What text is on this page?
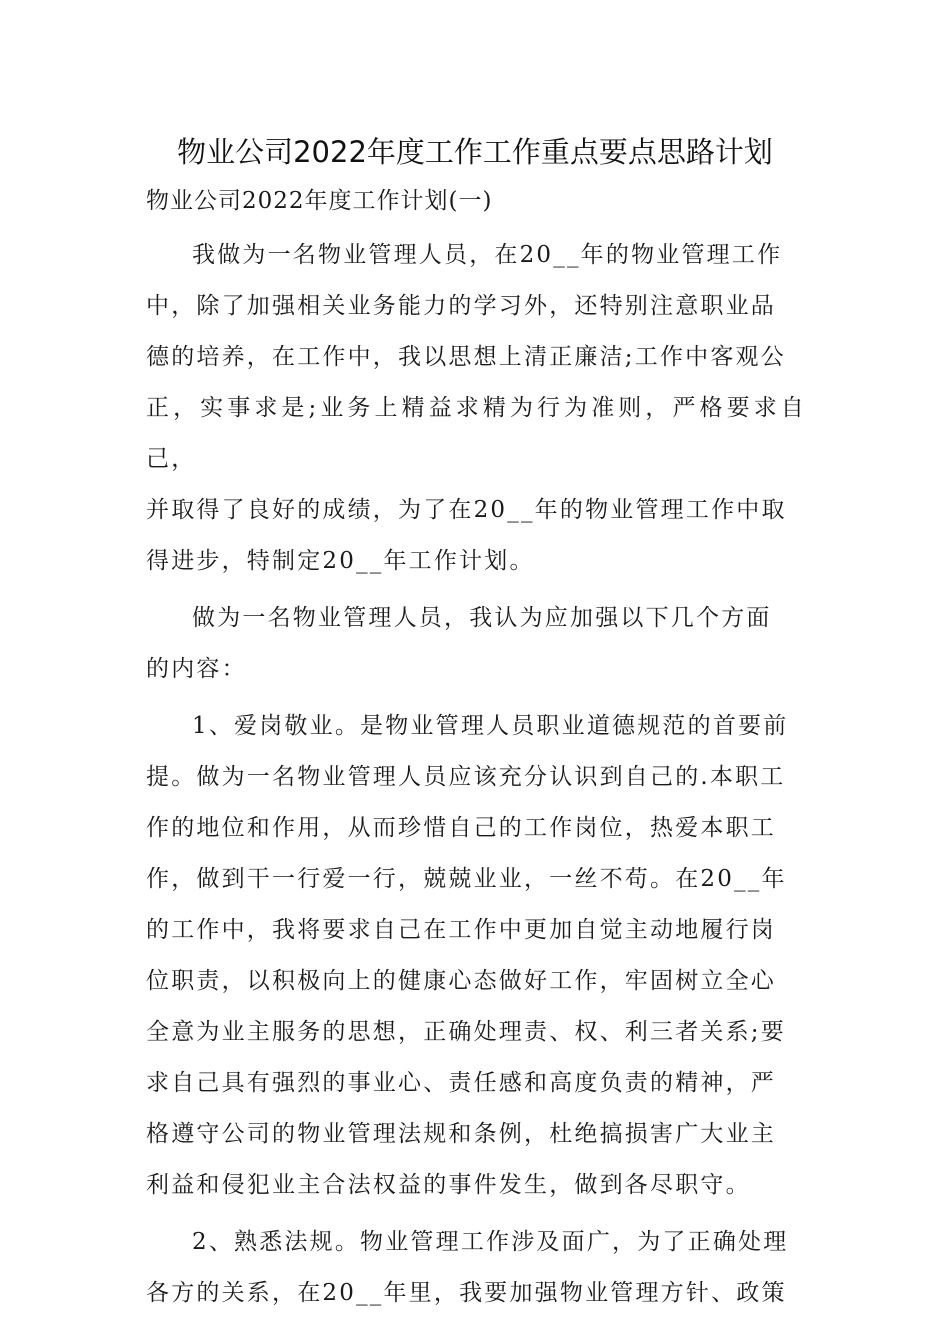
物业公司2022年度工作工作重点要点思路计划

物业公司2022年度工作计划(一)

我做为一名物业管理人员，在20__年的物业管理工作
中，除了加强相关业务能力的学习外，还特别注意职业品
德的培养，在工作中，我以思想上清正廉洁;工作中客观公
正，实事求是;业务上精益求精为行为准则，严格要求自己，
并取得了良好的成绩，为了在20__年的物业管理工作中取
得进步，特制定20__年工作计划。

做为一名物业管理人员，我认为应加强以下几个方面
的内容：

1、爱岗敬业。是物业管理人员职业道德规范的首要前
提。做为一名物业管理人员应该充分认识到自己的.本职工
作的地位和作用，从而珍惜自己的工作岗位，热爱本职工
作，做到干一行爱一行，兢兢业业，一丝不苟。在20__年
的工作中，我将要求自己在工作中更加自觉主动地履行岗
位职责，以积极向上的健康心态做好工作，牢固树立全心
全意为业主服务的思想，正确处理责、权、利三者关系;要
求自己具有强烈的事业心、责任感和高度负责的精神，严
格遵守公司的物业管理法规和条例，杜绝搞损害广大业主
利益和侵犯业主合法权益的事件发生，做到各尽职守。

2、熟悉法规。物业管理工作涉及面广，为了正确处理
各方的关系，在20__年里，我要加强物业管理方针、政策
